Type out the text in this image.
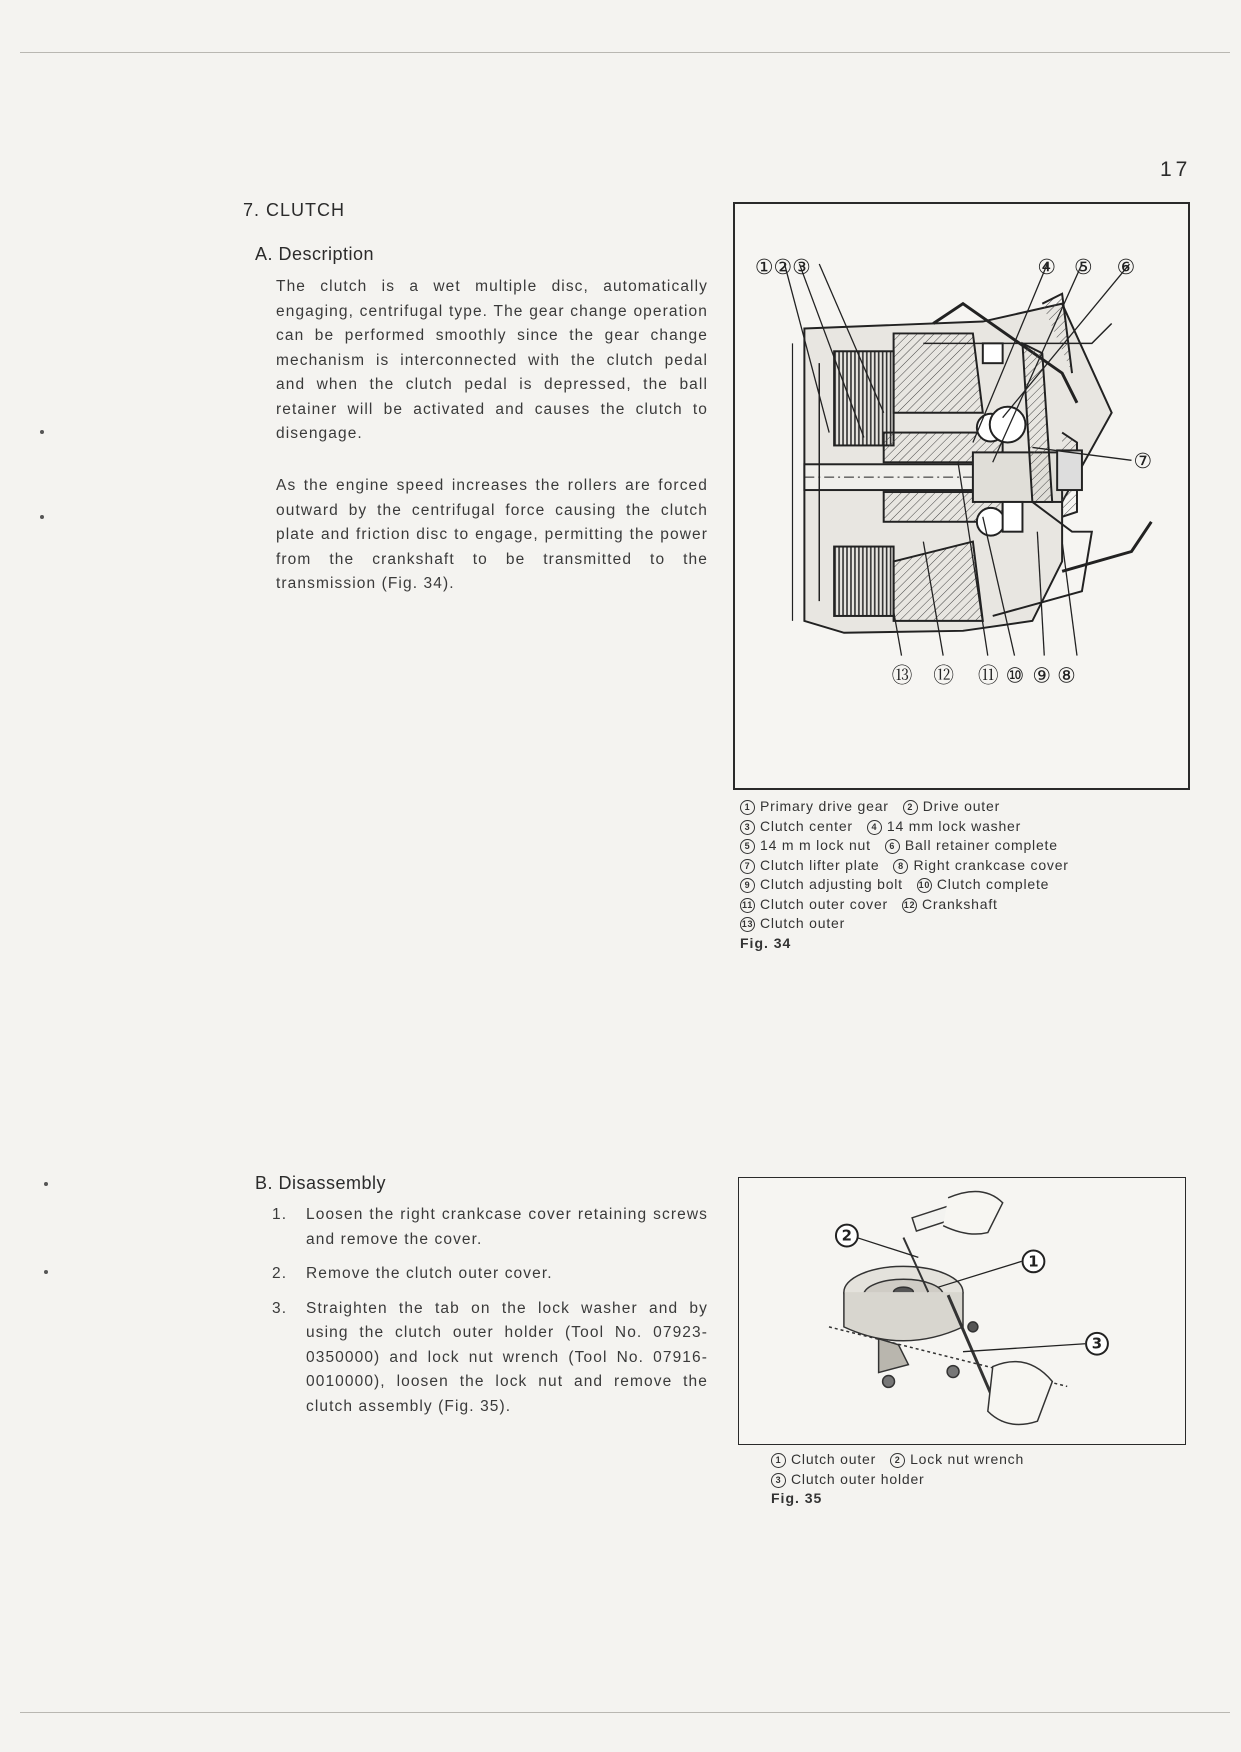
17
7. CLUTCH
A. Description

The clutch is a wet multiple disc, automatically engaging, centrifugal type. The gear change operation can be performed smoothly since the gear change mechanism is interconnected with the clutch pedal and when the clutch pedal is depressed, the ball retainer will be activated and causes the clutch to disengage.

As the engine speed increases the rollers are forced outward by the centrifugal force causing the clutch plate and friction disc to engage, permitting the power from the crankshaft to be transmitted to the transmission (Fig. 34).

B. Disassembly
1.	Loosen the right crankcase cover retaining screws and remove the cover.
2.	Remove the clutch outer cover.
3.	Straighten the tab on the lock washer and by using the clutch outer holder (Tool No. 07923-0350000) and lock nut wrench (Tool No. 07916-0010000), loosen the lock nut and remove the clutch assembly (Fig. 35).
①②③	④ ⑤ ⑥
⑦
⑬ ⑫ ⑪ ⑩ ⑨ ⑧
1 Primary drive gear 2 Drive outer
3 Clutch center 4 14 mm lock washer
5 14 m m lock nut 6 Ball retainer complete
7 Clutch lifter plate 8 Right crankcase cover
9 Clutch adjusting bolt 10 Clutch complete
11 Clutch outer cover 12 Crankshaft
13 Clutch outer
Fig. 34
2
1
3
1 Clutch outer 2 Lock nut wrench
3 Clutch outer holder
Fig. 35
